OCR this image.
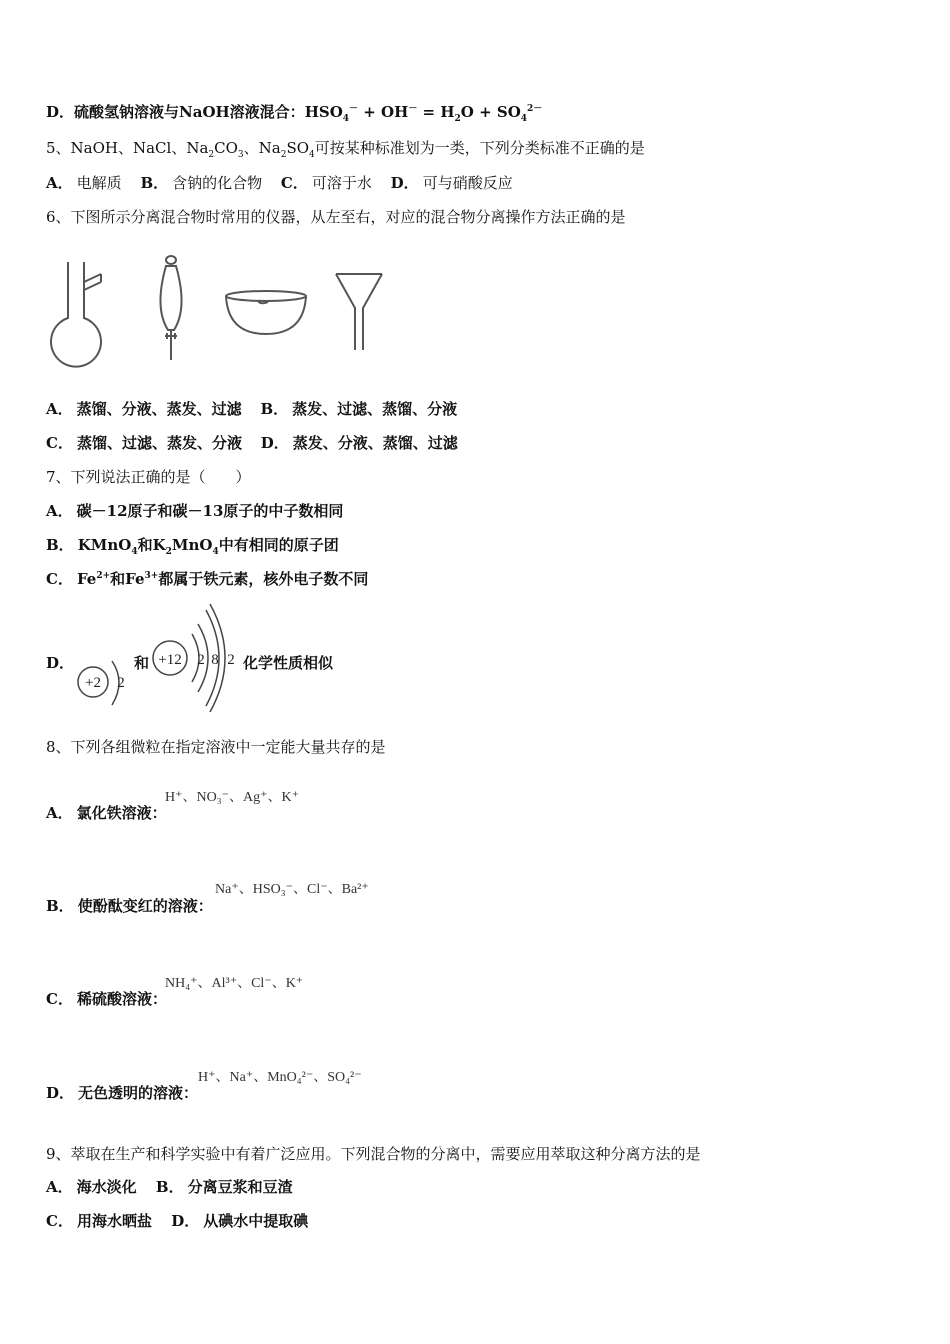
D．硫酸氢钠溶液与NaOH溶液混合：$HSO_4^- + OH^- = H_2O + SO_4^{2-}$
5、NaOH、NaCl、$Na_2CO_3$、$Na_2SO_4$可按某种标准划为一类，下列分类标准不正确的是
A． 电解质 B． 含钠的化合物 C． 可溶于水 D． 可与硝酸反应
6、下图所示分离混合物时常用的仪器，从左至右，对应的混合物分离操作方法正确的是
A． 蒸馏、分液、蒸发、过滤 B． 蒸发、过滤、蒸馏、分液
C． 蒸馏、过滤、蒸发、分液 D． 蒸发、分液、蒸馏、过滤
7、下列说法正确的是（　　）
A． 碳－12原子和碳－13原子的中子数相同
B． KMnO$_4$和$K_2MnO_4$中有相同的原子团
C． $Fe^{2+}$和$Fe^{3+}$都属于铁元素，核外电子数不同
D．
+2 2
和 +12 2 8 2 化学性质相似
8、下列各组微粒在指定溶液中一定能大量共存的是
H⁺、NO₃⁻、Ag⁺、K⁺
A． 氯化铁溶液：
Na⁺、HSO₃⁻、Cl⁻、Ba²⁺
B． 使酚酞变红的溶液：
NH₄⁺、Al³⁺、Cl⁻、K⁺
C． 稀硫酸溶液：
H⁺、Na⁺、MnO₄²⁻、SO₄²⁻
D． 无色透明的溶液：
9、萃取在生产和科学实验中有着广泛应用。下列混合物的分离中，需要应用萃取这种分离方法的是
A． 海水淡化 B． 分离豆浆和豆渣
C． 用海水晒盐 D． 从碘水中提取碘
